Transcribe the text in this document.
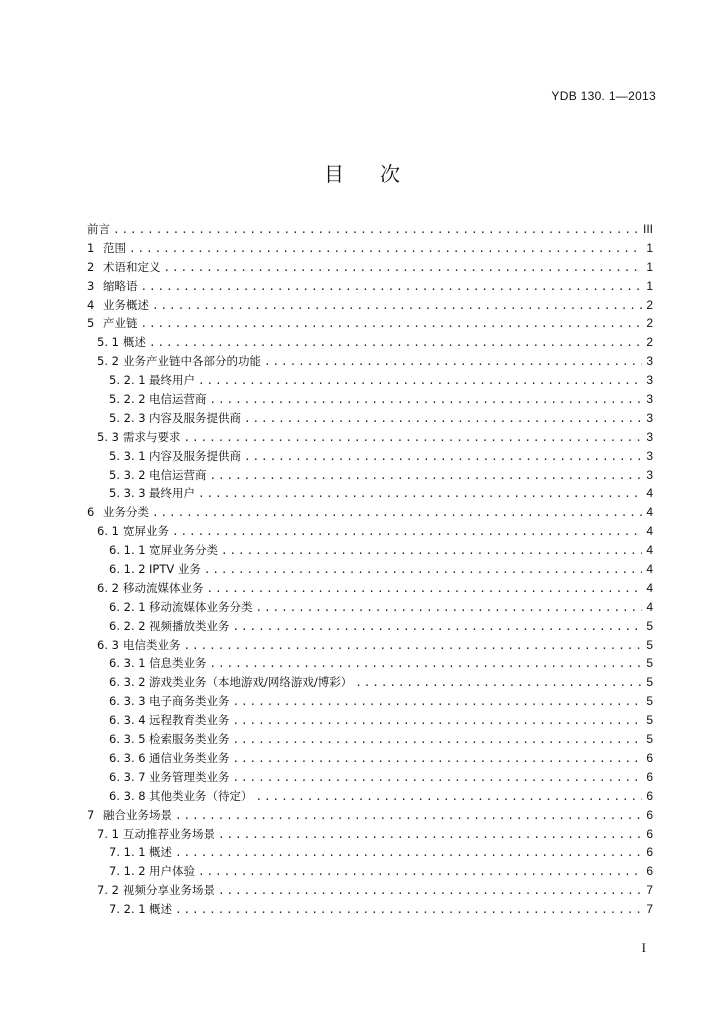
YDB 130. 1—2013
目 次
前言 .....	III
1 范围 .....	1
2 术语和定义 .....	1
3 缩略语 .....	1
4 业务概述 .....	2
5 产业链 .....	2
5. 1 概述 .....	2
5. 2 业务产业链中各部分的功能 .....	3
5. 2. 1 最终用户 .....	3
5. 2. 2 电信运营商 .....	3
5. 2. 3 内容及服务提供商 .....	3
5. 3 需求与要求 .....	3
5. 3. 1 内容及服务提供商 .....	3
5. 3. 2 电信运营商 .....	3
5. 3. 3 最终用户 .....	4
6 业务分类 .....	4
6. 1 宽屏业务 .....	4
6. 1. 1 宽屏业务分类 .....	4
6. 1. 2 IPTV 业务 .....	4
6. 2 移动流媒体业务 .....	4
6. 2. 1 移动流媒体业务分类 .....	4
6. 2. 2 视频播放类业务 .....	5
6. 3 电信类业务 .....	5
6. 3. 1 信息类业务 .....	5
6. 3. 2 游戏类业务（本地游戏/网络游戏/博彩） .....	5
6. 3. 3 电子商务类业务 .....	5
6. 3. 4 远程教育类业务 .....	5
6. 3. 5 检索服务类业务 .....	5
6. 3. 6 通信业务类业务 .....	6
6. 3. 7 业务管理类业务 .....	6
6. 3. 8 其他类业务（待定） .....	6
7 融合业务场景 .....	6
7. 1 互动推荐业务场景 .....	6
7. 1. 1 概述 .....	6
7. 1. 2 用户体验 .....	6
7. 2 视频分享业务场景 .....	7
7. 2. 1 概述 .....	7
I
